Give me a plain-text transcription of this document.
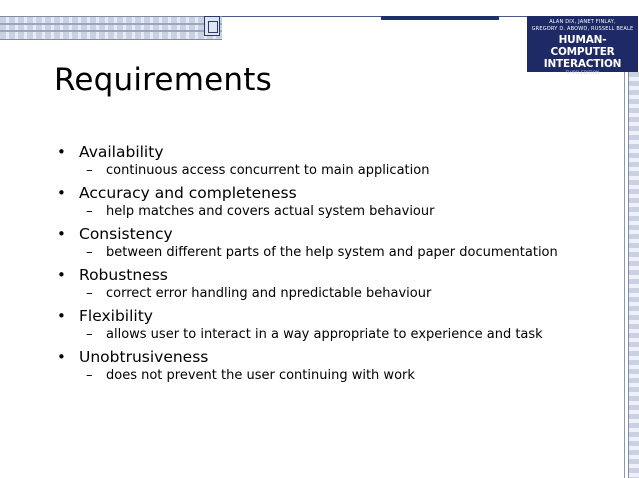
ALAN DIX, JANET FINLAY,
GREGORY D. ABOWD, RUSSELL BEALE
HUMAN-COMPUTER
INTERACTION
THIRD EDITION
Requirements
• Availability
– continuous access concurrent to main application
• Accuracy and completeness
– help matches and covers actual system behaviour
• Consistency
– between different parts of the help system and paper documentation
• Robustness
– correct error handling and npredictable behaviour
• Flexibility
– allows user to interact in a way appropriate to experience and task
• Unobtrusiveness
– does not prevent the user continuing with work
